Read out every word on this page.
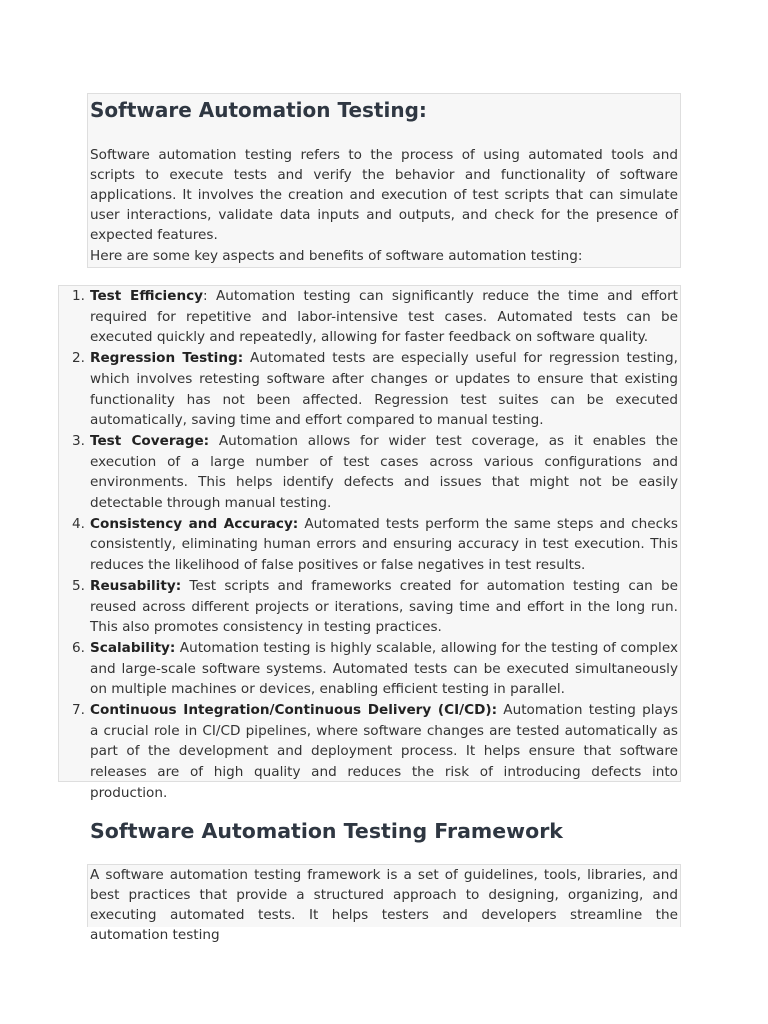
Software Automation Testing:

Software automation testing refers to the process of using automated tools and scripts to execute tests and verify the behavior and functionality of software applications. It involves the creation and execution of test scripts that can simulate user interactions, validate data inputs and outputs, and check for the presence of expected features.

Here are some key aspects and benefits of software automation testing:

1. Test Efficiency: Automation testing can significantly reduce the time and effort required for repetitive and labor-intensive test cases. Automated tests can be executed quickly and repeatedly, allowing for faster feedback on software quality.
2. Regression Testing: Automated tests are especially useful for regression testing, which involves retesting software after changes or updates to ensure that existing functionality has not been affected. Regression test suites can be executed automatically, saving time and effort compared to manual testing.
3. Test Coverage: Automation allows for wider test coverage, as it enables the execution of a large number of test cases across various configurations and environments. This helps identify defects and issues that might not be easily detectable through manual testing.
4. Consistency and Accuracy: Automated tests perform the same steps and checks consistently, eliminating human errors and ensuring accuracy in test execution. This reduces the likelihood of false positives or false negatives in test results.
5. Reusability: Test scripts and frameworks created for automation testing can be reused across different projects or iterations, saving time and effort in the long run. This also promotes consistency in testing practices.
6. Scalability: Automation testing is highly scalable, allowing for the testing of complex and large-scale software systems. Automated tests can be executed simultaneously on multiple machines or devices, enabling efficient testing in parallel.
7. Continuous Integration/Continuous Delivery (CI/CD): Automation testing plays a crucial role in CI/CD pipelines, where software changes are tested automatically as part of the development and deployment process. It helps ensure that software releases are of high quality and reduces the risk of introducing defects into production.
Software Automation Testing Framework

A software automation testing framework is a set of guidelines, tools, libraries, and best practices that provide a structured approach to designing, organizing, and executing automated tests. It helps testers and developers streamline the automation testing
